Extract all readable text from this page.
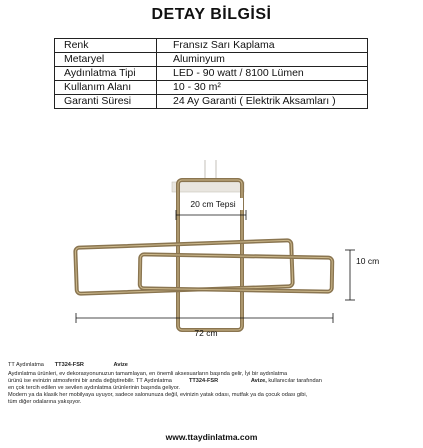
DETAY BİLGİSİ
Renk	Fransız Sarı Kaplama
Metaryel	Aluminyum
Aydınlatma Tipi	LED - 90 watt / 8100 Lümen
Kullanım Alanı	10 - 30 m²
Garanti Süresi	24 Ay Garanti ( Elektrik Aksamları )
20 cm Tepsi
10 cm
72 cm
TT Aydınlatma TT324-FSR	Avize
Aydınlatma ürünleri, ev dekorasyonunuzun tamamlayan, en önemli aksesuarların başında gelir, İyi bir aydınlatma
ürünü ise evinizin atmosferini bir anda değiştirebilir. TT Aydınlatma	TT324-FSR	Avize, kullanıcılar tarafından
en çok tercih edilen ve sevilen aydınlatma ürünlerinin başında geliyor.
Modern ya da klasik her mobilyaya uyuyor, sadece salonunuza değil, evinizin yatak odası, mutfak ya da çocuk odası gibi,
tüm diğer odalarına yakışıyor.
www.ttaydinlatma.com
